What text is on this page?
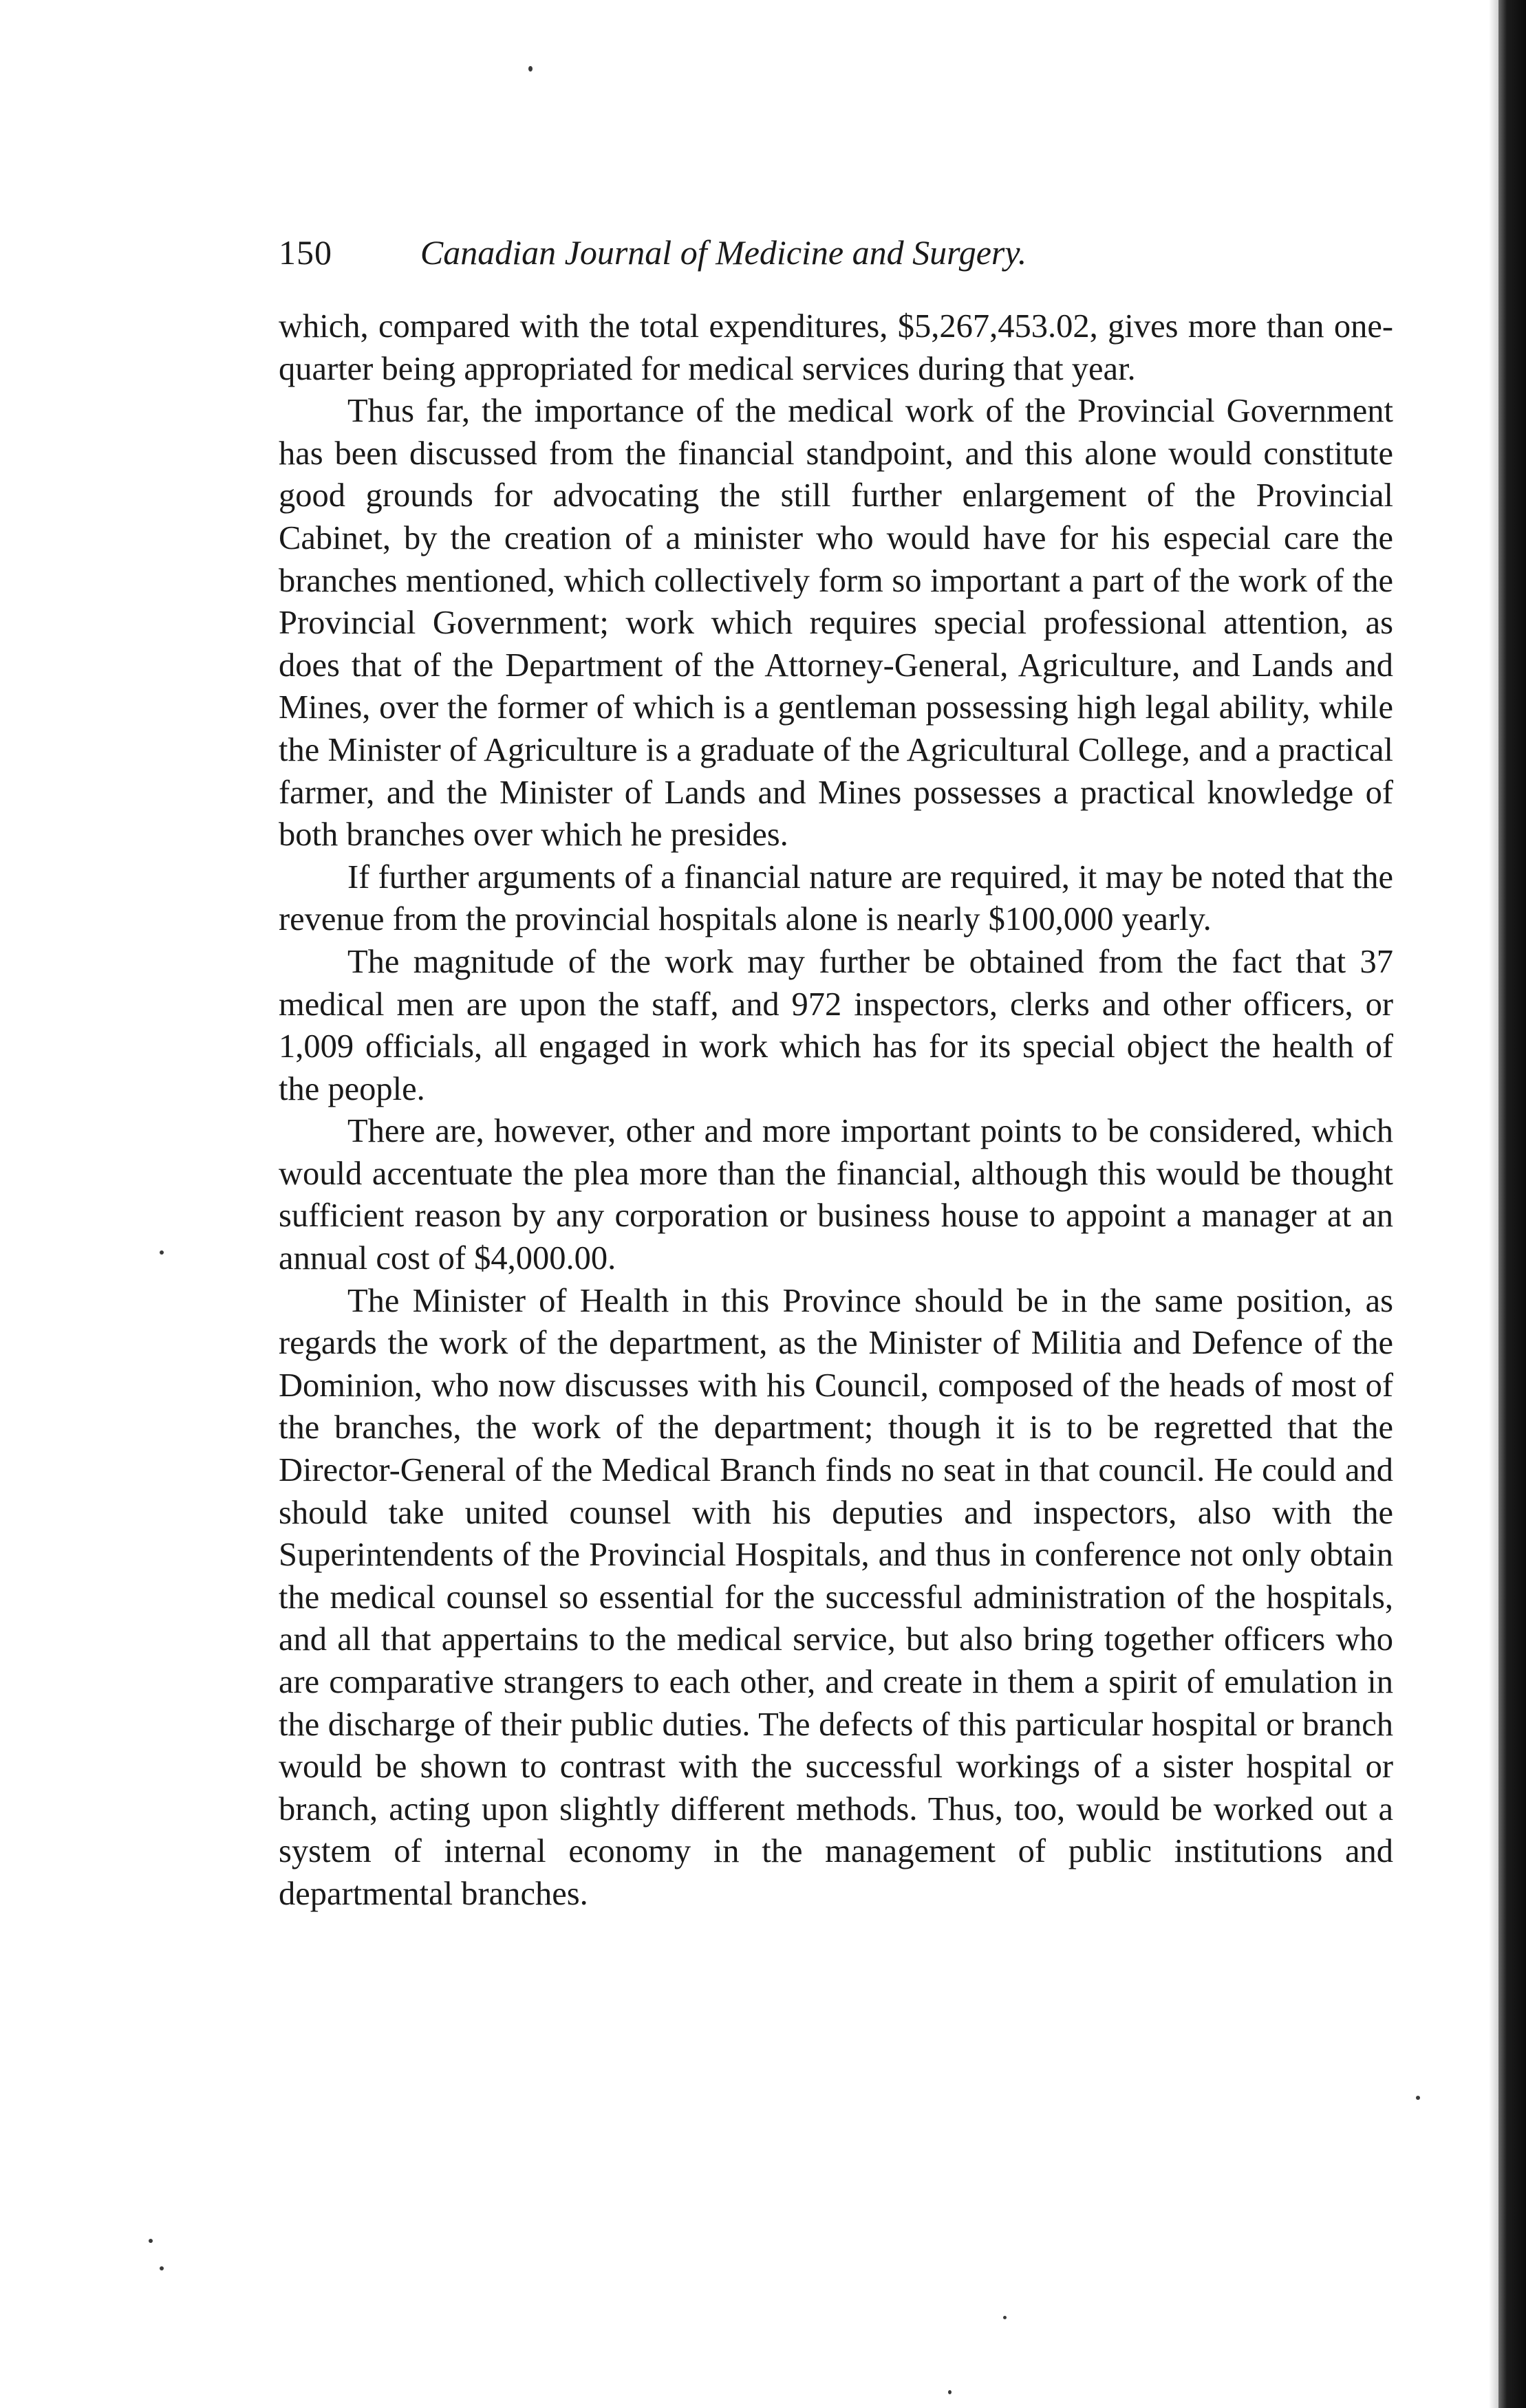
150	Canadian Journal of Medicine and Surgery.

which, compared with the total expenditures, $5,267,453.02, gives more than one-quarter being appropriated for medical services during that year.

Thus far, the importance of the medical work of the Provincial Government has been discussed from the financial standpoint, and this alone would constitute good grounds for advocating the still further enlargement of the Provincial Cabinet, by the creation of a minister who would have for his especial care the branches mentioned, which collectively form so important a part of the work of the Provincial Government; work which requires special professional attention, as does that of the Department of the Attorney-General, Agriculture, and Lands and Mines, over the former of which is a gentleman possessing high legal ability, while the Minister of Agriculture is a graduate of the Agricultural College, and a practical farmer, and the Minister of Lands and Mines possesses a practical knowledge of both branches over which he presides.

If further arguments of a financial nature are required, it may be noted that the revenue from the provincial hospitals alone is nearly $100,000 yearly.

The magnitude of the work may further be obtained from the fact that 37 medical men are upon the staff, and 972 inspectors, clerks and other officers, or 1,009 officials, all engaged in work which has for its special object the health of the people.

There are, however, other and more important points to be considered, which would accentuate the plea more than the financial, although this would be thought sufficient reason by any corporation or business house to appoint a manager at an annual cost of $4,000.00.

The Minister of Health in this Province should be in the same position, as regards the work of the department, as the Minister of Militia and Defence of the Dominion, who now discusses with his Council, composed of the heads of most of the branches, the work of the department; though it is to be regretted that the Director-General of the Medical Branch finds no seat in that council. He could and should take united counsel with his deputies and inspectors, also with the Superintendents of the Provincial Hospitals, and thus in conference not only obtain the medical counsel so essential for the successful administration of the hospitals, and all that appertains to the medical service, but also bring together officers who are comparative strangers to each other, and create in them a spirit of emulation in the discharge of their public duties. The defects of this particular hospital or branch would be shown to contrast with the successful workings of a sister hospital or branch, acting upon slightly different methods. Thus, too, would be worked out a system of internal economy in the management of public institutions and departmental branches.
